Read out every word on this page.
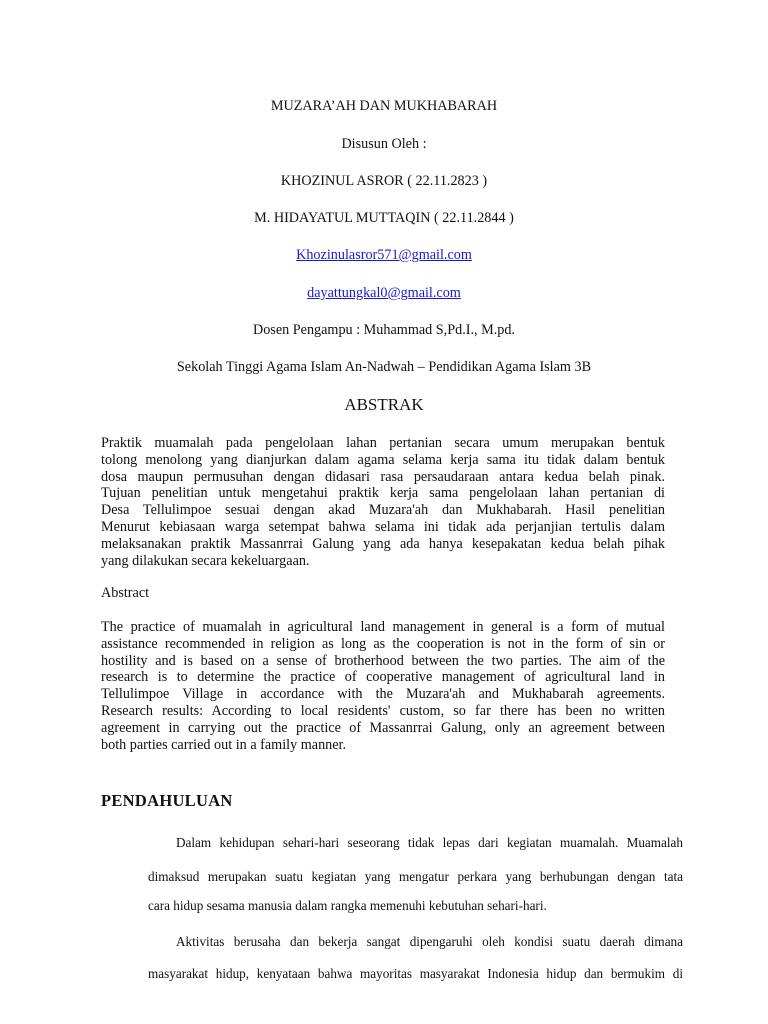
MUZARA’AH DAN MUKHABARAH
Disusun Oleh :
KHOZINUL ASROR ( 22.11.2823 )
M. HIDAYATUL MUTTAQIN ( 22.11.2844 )
Khozinulasror571@gmail.com
dayattungkal0@gmail.com
Dosen Pengampu : Muhammad S,Pd.I., M.pd.
Sekolah Tinggi Agama Islam An-Nadwah – Pendidikan Agama Islam 3B
ABSTRAK
Praktik muamalah pada pengelolaan lahan pertanian secara umum merupakan bentuk
tolong menolong yang dianjurkan dalam agama selama kerja sama itu tidak dalam bentuk
dosa maupun permusuhan dengan didasari rasa persaudaraan antara kedua belah pinak.
Tujuan penelitian untuk mengetahui praktik kerja sama pengelolaan lahan pertanian di
Desa Tellulimpoe sesuai dengan akad Muzara'ah dan Mukhabarah. Hasil penelitian
Menurut kebiasaan warga setempat bahwa selama ini tidak ada perjanjian tertulis dalam
melaksanakan praktik Massanrrai Galung yang ada hanya kesepakatan kedua belah pihak
yang dilakukan secara kekeluargaan.
Abstract
The practice of muamalah in agricultural land management in general is a form of mutual
assistance recommended in religion as long as the cooperation is not in the form of sin or
hostility and is based on a sense of brotherhood between the two parties. The aim of the
research is to determine the practice of cooperative management of agricultural land in
Tellulimpoe Village in accordance with the Muzara'ah and Mukhabarah agreements.
Research results: According to local residents' custom, so far there has been no written
agreement in carrying out the practice of Massanrrai Galung, only an agreement between
both parties carried out in a family manner.
PENDAHULUAN
Dalam kehidupan sehari-hari seseorang tidak lepas dari kegiatan muamalah. Muamalah
dimaksud merupakan suatu kegiatan yang mengatur perkara yang berhubungan dengan tata
cara hidup sesama manusia dalam rangka memenuhi kebutuhan sehari-hari.
Aktivitas berusaha dan bekerja sangat dipengaruhi oleh kondisi suatu daerah dimana
masyarakat hidup, kenyataan bahwa mayoritas masyarakat Indonesia hidup dan bermukim di
